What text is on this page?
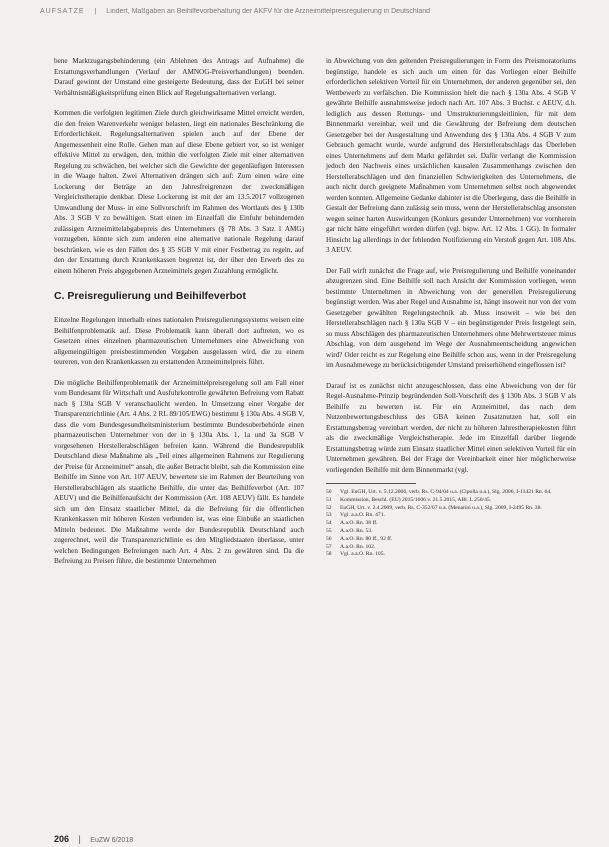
AUFSÄTZE | Lindert, Maßgaben an Beihilfevorbehaltung der AKFV für die Arzneimittelpreisregulierung in Deutschland

bene Marktzugangsbehinderung (ein Ablehnen des Antrags auf Aufnahme) die Erstattungsverhandlungen (Verlauf der AMNOG-Preisverhandlungen) beenden. Darauf gewinnt der Umstand eine gesteigerte Bedeutung, dass der EuGH bei seiner Verhältnismäßigkeitsprüfung einen Blick auf Regelungsalternativen verlangt.

Kommen die verfolgten legitimen Ziele durch gleichwirksame Mittel erreicht werden, die den freien Warenverkehr weniger belasten, liegt ein nationales Beschränkung die Erforderlichkeit. Regelungsalternativen spielen auch auf der Ebene der Angemessenheit eine Rolle. Gehen man auf diese Ebene gebiert vor, so ist weniger effektive Mittel zu erwägen, den, mithin die verfolgten Ziele mit einer alternativen Regelung zu schwächen, bei welcher sich die Gewichte der gegenläufigen Interessen in die Waage halten. Zwei Alternativen drängen sich auf: Zum einen wäre eine Lockerung der Beträge an den Jahresfreigrenzen der zweckmäßigen Vergleichstherapie denkbar. Diese Lockerung ist mit der am 13.5.2017 vollzogenen Umwandlung der Muss- in eine Sollvorschrift im Rahmen des Wortlauts des § 130b Abs. 3 SGB V zu bewältigen. Statt einen im Einzelfall die Einfuhr behindernden zulässigen Arzneimittelabgabepreis des Unternehmers (§ 78 Abs. 3 Satz 1 AMG) vorzugeben, könnte sich zum anderen eine alternative nationale Regelung darauf beschränken, wie es den Fällen des § 35 SGB V mit einer Festbetrag zu regeln, auf den der Erstattung durch Krankenkassen begrenzt ist, der über den Erwerb des zu einem höheren Preis abgegebenen Arzneimittels gegen Zuzahlung ermöglicht.

C. Preisregulierung und Beihilfeverbot

Einzelne Regelungen innerhalb eines nationalen Preisregulierungssystems weisen eine Beihilfenproblematik auf. Diese Problematik kann überall dort auftreten, wo es Gesetzen eines einzelnen pharmazeutischen Unternehmers eine Abweichung von allgemeingültigen preisbestimmenden Vorgaben ausgelassen wird, die zu einem teureren, von den Krankenkassen zu erstattenden Arzneimittelpreis führt.

Die mögliche Beihilfenproblematik der Arzneimittelpreisregelung soll am Fall einer vom Bundesamt für Wirtschaft und Ausfuhrkontrolle gewährten Befreiung vom Rabatt nach § 130a SGB V veranschaulicht werden. In Umsetzung einer Vorgabe der Transparenzrichtlinie (Art. 4 Abs. 2 RL 89/105/EWG) bestimmt § 130a Abs. 4 SGB V, dass die vom Bundesgesundheitsministerium bestimmte Bundesoberbehörde einen pharmazeutischen Unternehmer von der in § 130a Abs. 1, 1a und 3a SGB V vorgesehenen Herstellerabschlägen befreien kann. Während die Bundesrepublik Deutschland diese Maßnahme als „Teil eines allgemeinen Rahmens zur Regulierung der Preise für Arzneimittel“ ansah, die außer Betracht bleibt, sah die Kommission eine Beihilfe im Sinne von Art. 107 AEUV, bewertete sie im Rahmen der Beurteilung von Herstellerabschlägen als staatliche Beihilfe, die unter das Beihilfeverbot (Art. 107 AEUV) und die Beihilfenaufsicht der Kommission (Art. 108 AEUV) fällt. Es handele sich um den Einsatz staatlicher Mittel, da die Befreiung für die öffentlichen Krankenkassen mit höheren Kosten verbunden ist, was eine Einbuße an staatlichen Mitteln bedeutet. Die Maßnahme werde der Bundesrepublik Deutschland auch zugerechnet, weil die Transparenzrichtlinie es den Mitgliedstaaten überlasse, unter welchen Bedingungen Befreiungen nach Art. 4 Abs. 2 zu gewähren sind. Da die Befreiung zu Preisen führe, die bestimmte Unternehmen

in Abweichung von den geltenden Preisregulierungen in Form des Preismoratoriums begünstige, handele es sich auch um einen für das Vorliegen einer Beihilfe erforderlichen selektiven Vorteil für ein Unternehmen, der anderen gegenüber sei, den Wettbewerb zu verfälschen. Die Kommission hielt die nach § 130a Abs. 4 SGB V gewährte Beihilfe ausnahmsweise jedoch nach Art. 107 Abs. 3 Buchst. c AEUV, d.h. lediglich aus dessen Rettungs- und Umstrukturierungsleitlinien, für mit dem Binnenmarkt vereinbar, weil und die Gewährung der Befreiung dem deutschen Gesetzgeber bei der Ausgestaltung und Anwendung des § 130a Abs. 4 SGB V zum Gebrauch gemacht wurde, wurde aufgrund des Herstellerabschlags das Überleben eines Unternehmens auf dem Markt gefährdet sei. Dafür verlangt die Kommission jedoch den Nachweis eines ursächlichen kausalen Zusammenhangs zwischen den Herstellerabschlägen und den finanziellen Schwierigkeiten des Unternehmens, die auch nicht durch geeignete Maßnahmen vom Unternehmen selbst noch abgewendet werden konnten. Allgemeine Gedanke dahinter ist die Überlegung, dass die Beihilfe in Gestalt der Befreiung dann zulässig sein muss, wenn der Herstellerabschlag ansonsten wegen seiner harten Auswirkungen (Konkurs gesunder Unternehmen) vor vornherein gar nicht hätte eingeführt werden dürfen (vgl. bspw. Art. 12 Abs. 1 GG). In formaler Hinsicht lag allerdings in der fehlenden Notifizierung ein Verstoß gegen Art. 108 Abs. 3 AEUV.

Der Fall wirft zunächst die Frage auf, wie Preisregulierung und Beihilfe voneinander abzugrenzen sind. Eine Beihilfe soll nach Ansicht der Kommission vorliegen, wenn bestimmte Unternehmen in Abweichung von der generellen Preisregulierung begünstigt werden. Was aber Regel und Ausnahme ist, hängt insoweit nur von der vom Gesetzgeber gewählten Regelungstechnik ab. Muss insoweit – wie bei den Herstellerabschlägen nach § 130a SGB V – ein begünstigender Preis festgelegt sein, so muss Abschlägen des pharmazeutischen Unternehmers ohne Mehrwertsteuer minus Abschlag, von dem ausgehend im Wege der Ausnahmeentscheidung angewichen wird? Oder reicht es zur Regelung eine Beihilfe schon aus, wenn in der Preisregelung im Ausnahmewege zu berücksichtigender Umstand preiserhöhend eingeflossen ist?

Darauf ist es zunächst nicht anzugeschlossen, dass eine Abweichung von der für Regel-Ausnahme-Prinzip begründenden Soll-Vorschrift des § 130b Abs. 3 SGB V als Beihilfe zu bewerten ist. Für ein Arzneimittel, das nach dem Nutzenbewertungsbeschluss des GBA keinen Zusatznutzen hat, soll ein Erstattungsbetrag vereinbart werden, der nicht zu höheren Jahrestherapiekosten führt als die zweckmäßige Vergleichstherapie. Jede im Einzelfall darüber liegende Erstattungsbetrag würde zum Einsatz staatlicher Mittel einen selektiven Vorteil für ein Unternehmen gewähren. Bei der Frage der Vereinbarkeit einer hier möglicherweise vorliegenden Beihilfe mit dem Binnenmarkt (vgl.

50	Vgl. EuGH, Urt. v. 5.12.2006, verb. Rs. C-94/04 u.a. (Cipolla u.a.), Slg. 2006, I-11421 Rn. 64.
51	Kommission, Beschl. (EU) 2015/1606 v. 21.5.2015, ABl. L 250/45.
52	EuGH, Urt. v. 2.4.2009, verb. Rs. C-352/07 u.a. (Menarini u.a.), Slg. 2009, I-2495 Rn. 38.
53	Vgl. a.a.O. Rn. 471.
54	A.a.O. Rn. 38 ff.
55	A.a.O. Rn. 53.
56	A.a.O. Rn. 80 ff., 92 ff.
57	A.a.O. Rn. 102.
58	Vgl. a.a.O. Rn. 105.
206 | EuZW 6/2018
